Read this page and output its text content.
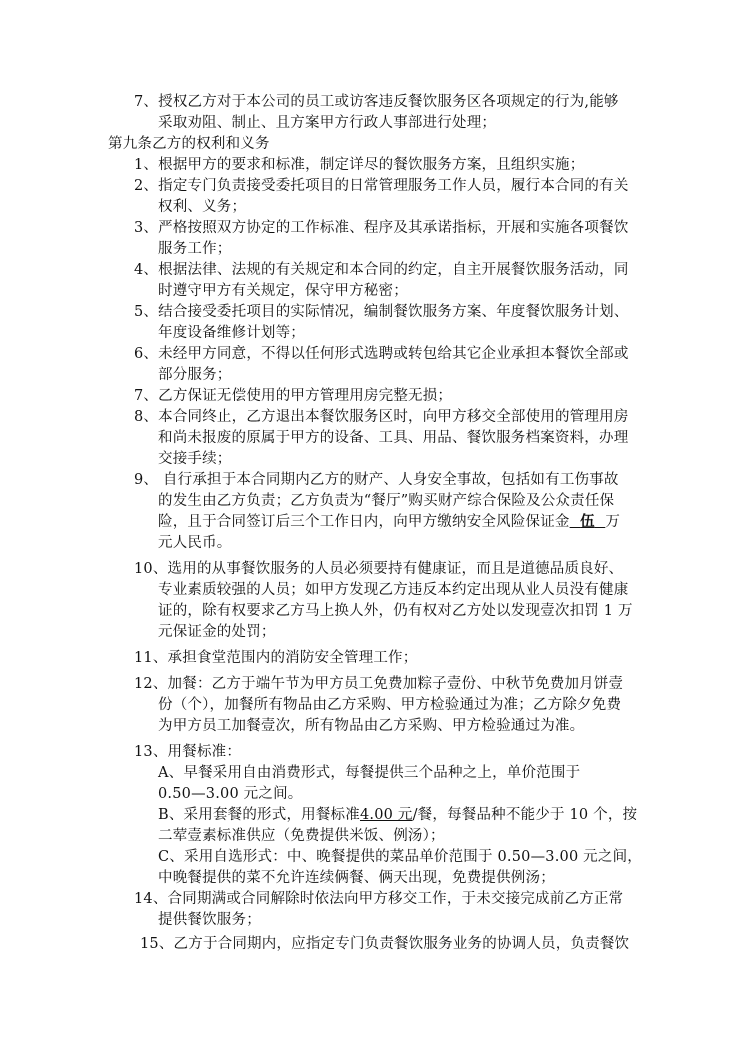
7、授权乙方对于本公司的员工或访客违反餐饮服务区各项规定的行为,能够
采取劝阻、制止、且方案甲方行政人事部进行处理；
第九条乙方的权利和义务
1、根据甲方的要求和标准，制定详尽的餐饮服务方案，且组织实施；
2、指定专门负责接受委托项目的日常管理服务工作人员，履行本合同的有关
权利、义务；
3、严格按照双方协定的工作标准、程序及其承诺指标，开展和实施各项餐饮
服务工作；
4、根据法律、法规的有关规定和本合同的约定，自主开展餐饮服务活动，同
时遵守甲方有关规定，保守甲方秘密；
5、结合接受委托项目的实际情况，编制餐饮服务方案、年度餐饮服务计划、
年度设备维修计划等；
6、未经甲方同意，不得以任何形式选聘或转包给其它企业承担本餐饮全部或
部分服务；
7、乙方保证无偿使用的甲方管理用房完整无损；
8、本合同终止，乙方退出本餐饮服务区时，向甲方移交全部使用的管理用房
和尚未报废的原属于甲方的设备、工具、用品、餐饮服务档案资料，办理
交接手续；
9、 自行承担于本合同期内乙方的财产、人身安全事故，包括如有工伤事故
的发生由乙方负责；乙方负责为“餐厅”购买财产综合保险及公众责任保
险，且于合同签订后三个工作日内，向甲方缴纳安全风险保证金 伍 万
元人民币。
10、选用的从事餐饮服务的人员必须要持有健康证，而且是道德品质良好、
专业素质较强的人员；如甲方发现乙方违反本约定出现从业人员没有健康
证的，除有权要求乙方马上换人外，仍有权对乙方处以发现壹次扣罚 1 万
元保证金的处罚；
11、承担食堂范围内的消防安全管理工作；
12、加餐：乙方于端午节为甲方员工免费加粽子壹份、中秋节免费加月饼壹
份（个），加餐所有物品由乙方采购、甲方检验通过为准；乙方除夕免费
为甲方员工加餐壹次，所有物品由乙方采购、甲方检验通过为准。
13、用餐标准：
A、早餐采用自由消费形式，每餐提供三个品种之上，单价范围于
0.50—3.00 元之间。
B、采用套餐的形式，用餐标准4.00 元/餐，每餐品种不能少于 10 个，按
二荤壹素标准供应（免费提供米饭、例汤）；
C、采用自选形式：中、晚餐提供的菜品单价范围于 0.50—3.00 元之间，
中晚餐提供的菜不允许连续俩餐、俩天出现，免费提供例汤；
14、合同期满或合同解除时依法向甲方移交工作，于未交接完成前乙方正常
提供餐饮服务；
15、乙方于合同期内，应指定专门负责餐饮服务业务的协调人员，负责餐饮
